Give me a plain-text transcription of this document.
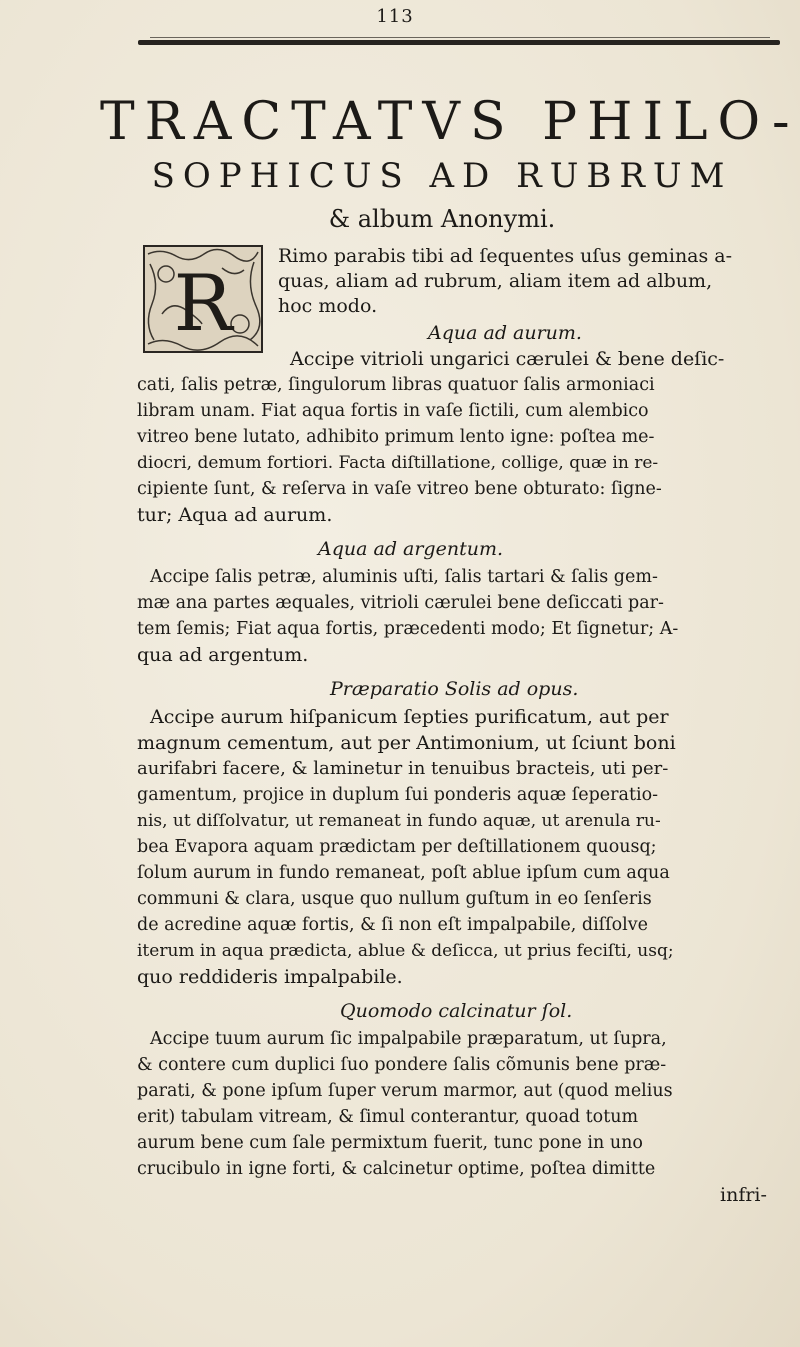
113
TRACTATVS PHILO-
SOPHICUS AD RUBRUM
& album Anonymi.
R
Rimo parabis tibi ad ſequentes uſus geminas a-
quas, aliam ad rubrum, aliam item ad album,
hoc modo.
Aqua ad aurum.
Accipe vitrioli ungarici cærulei & bene deſic-
cati, ſalis petræ, ſingulorum libras quatuor ſalis armoniaci
libram unam. Fiat aqua fortis in vaſe ſictili, cum alembico
vitreo bene lutato, adhibito primum lento igne: poſtea me-
diocri, demum fortiori. Facta diſtillatione, collige, quæ in re-
cipiente ſunt, & reſerva in vaſe vitreo bene obturato: ſigne-
tur; Aqua ad aurum.
Aqua ad argentum.
Accipe ſalis petræ, aluminis uſti, ſalis tartari & ſalis gem-
mæ ana partes æquales, vitrioli cærulei bene deſiccati par-
tem ſemis; Fiat aqua fortis, præcedenti modo; Et ſignetur; A-
qua ad argentum.
Præparatio Solis ad opus.
Accipe aurum hiſpanicum ſepties purificatum, aut per
magnum cementum, aut per Antimonium, ut ſciunt boni
aurifabri facere, & laminetur in tenuibus bracteis, uti per-
gamentum, projice in duplum ſui ponderis aquæ ſeperatio-
nis, ut diſſolvatur, ut remaneat in fundo aquæ, ut arenula ru-
bea Evapora aquam prædictam per deſtillationem quousq;
ſolum aurum in fundo remaneat, poſt ablue ipſum cum aqua
communi & clara, usque quo nullum guſtum in eo ſenſeris
de acredine aquæ fortis, & ſi non eſt impalpabile, diſſolve
iterum in aqua prædicta, ablue & deſicca, ut prius feciſti, usq;
quo reddideris impalpabile.
Quomodo calcinatur ſol.
Accipe tuum aurum ſic impalpabile præparatum, ut ſupra,
& contere cum duplici ſuo pondere ſalis cõmunis bene præ-
parati, & pone ipſum ſuper verum marmor, aut (quod melius
erit) tabulam vitream, & ſimul conterantur, quoad totum
aurum bene cum ſale permixtum fuerit, tunc pone in uno
crucibulo in igne forti, & calcinetur optime, poſtea dimitte
infri-
